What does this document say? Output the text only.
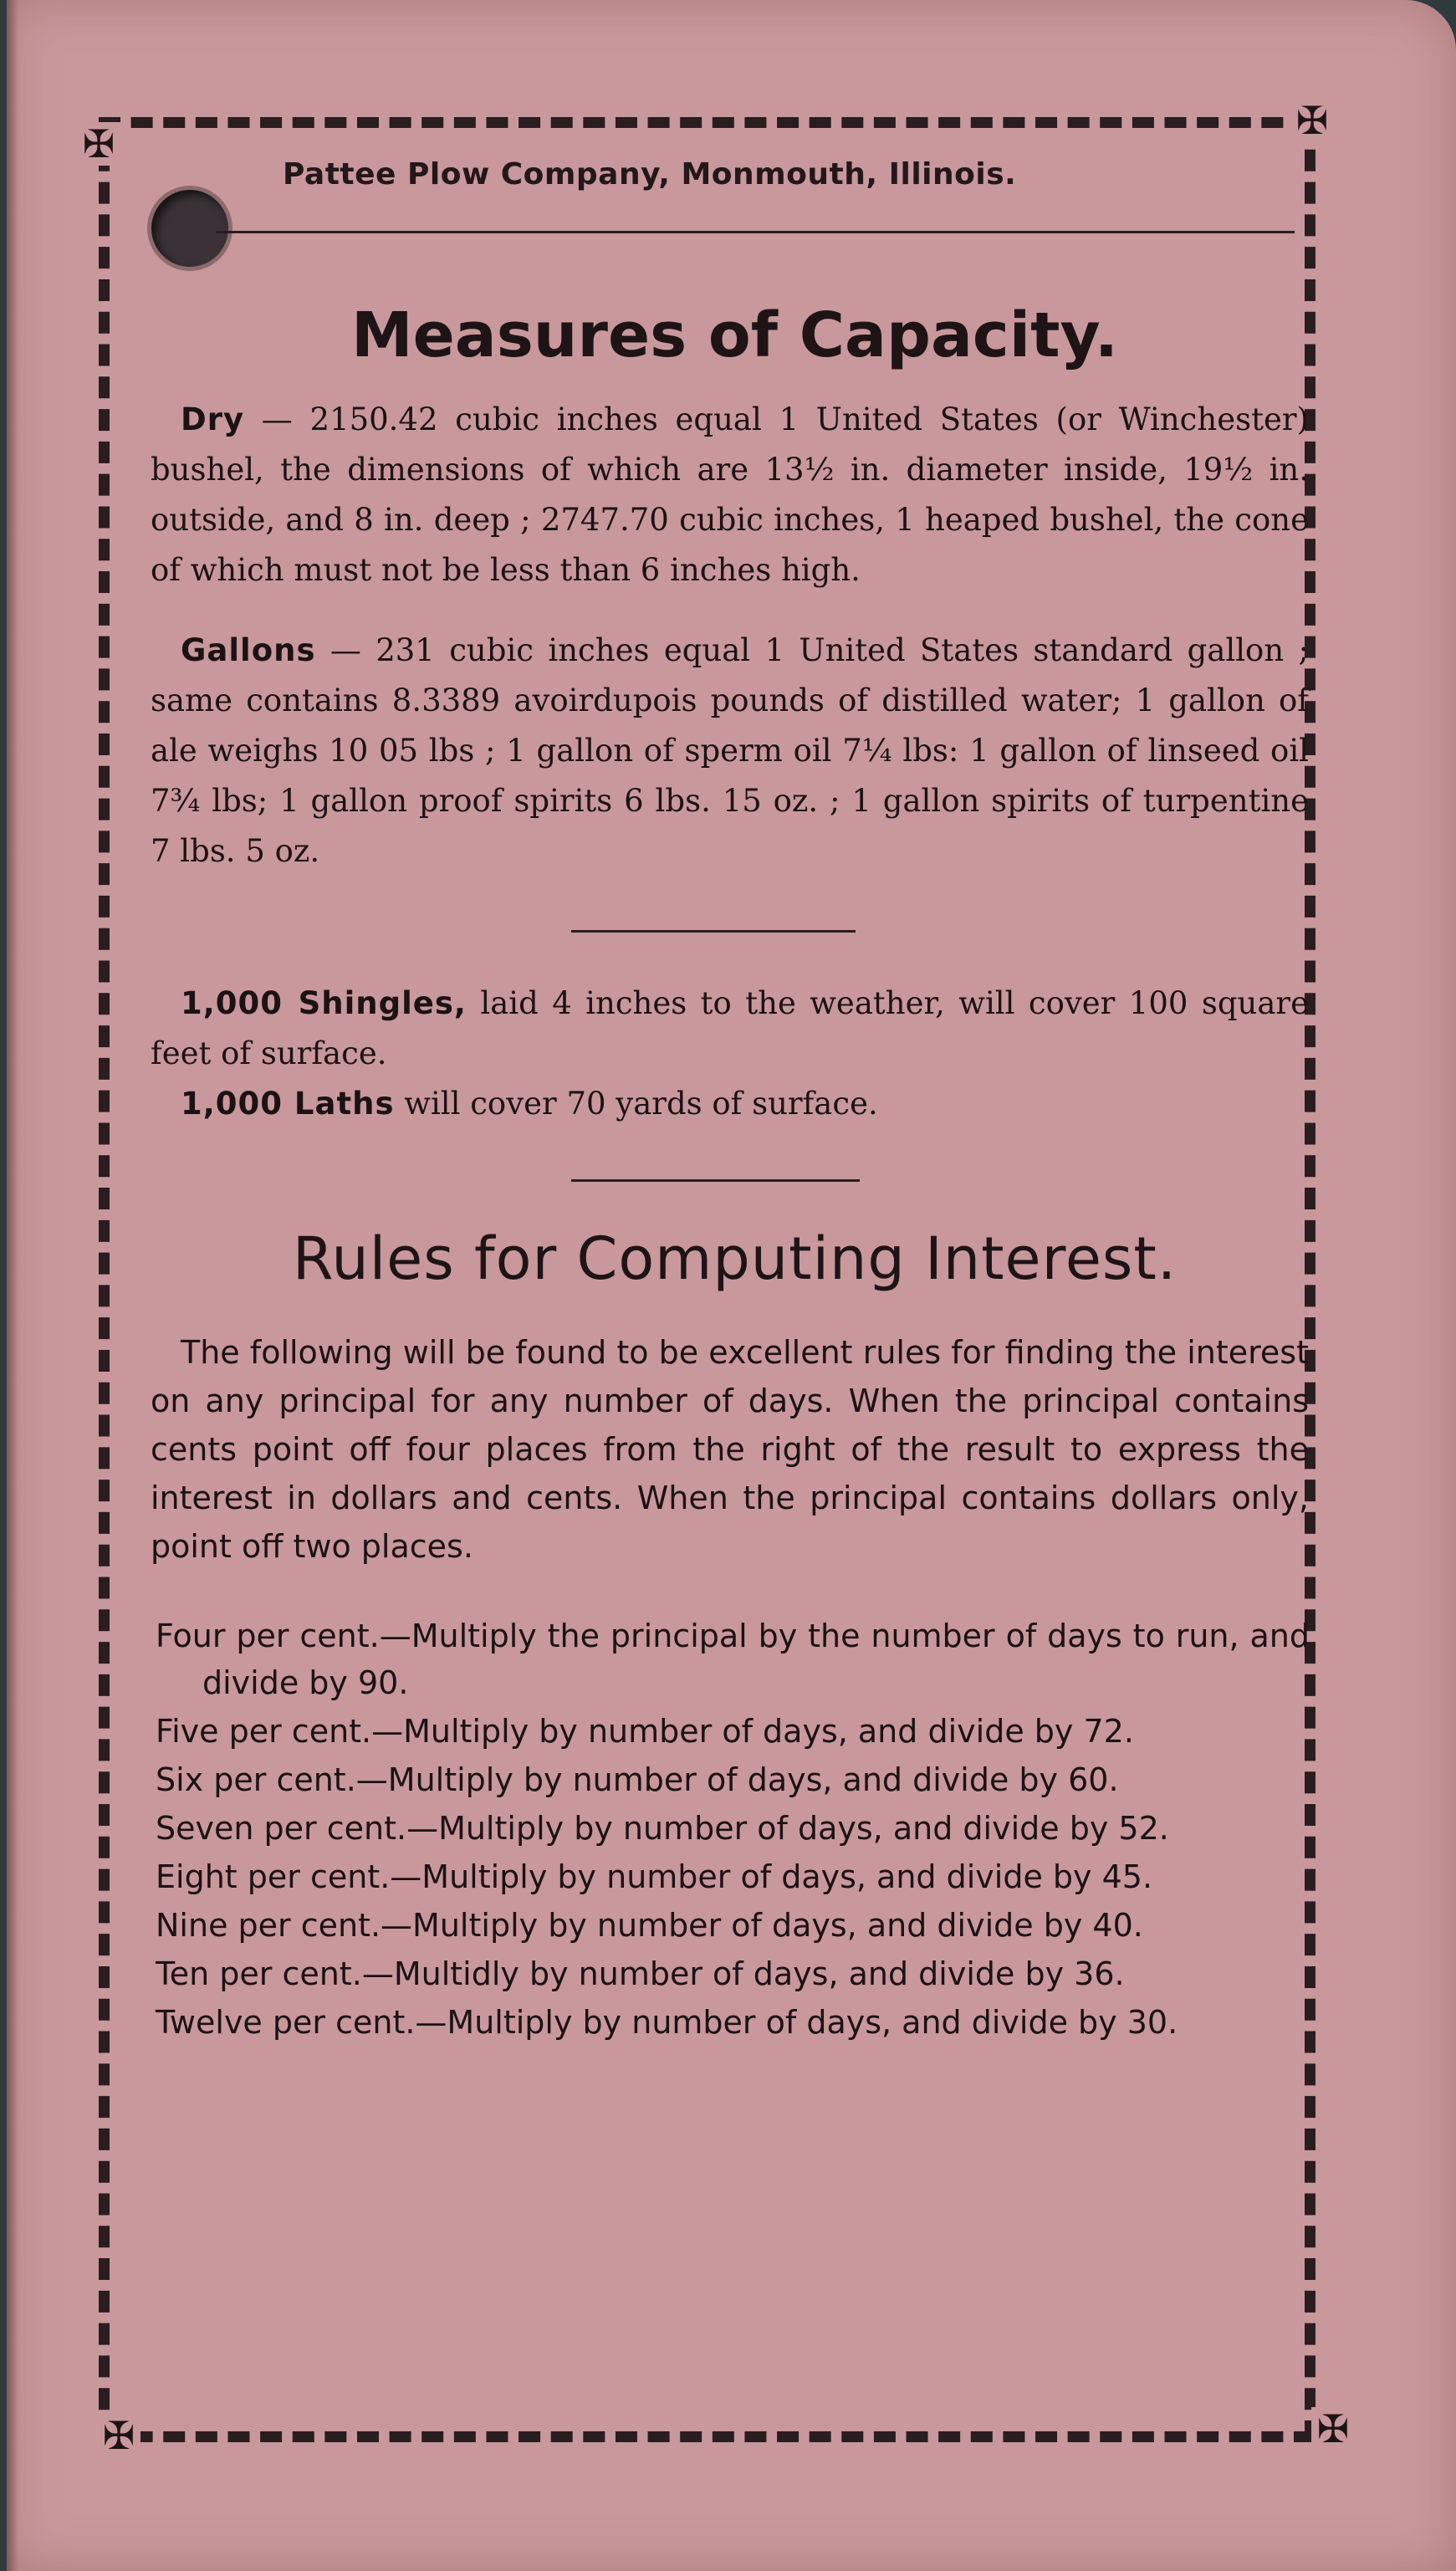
✠
✠
✠	✠
Pattee Plow Company, Monmouth, Illinois.
Measures of Capacity.

Dry — 2150.42 cubic inches equal 1 United States (or Winchester) bushel, the dimensions of which are 13½ in. diameter inside, 19½ in. outside, and 8 in. deep ; 2747.70 cubic inches, 1 heaped bushel, the cone of which must not be less than 6 inches high.

Gallons — 231 cubic inches equal 1 United States standard gallon ; same contains 8.3389 avoirdupois pounds of distilled water; 1 gallon of ale weighs 10 05 lbs ; 1 gallon of sperm oil 7¼ lbs: 1 gallon of linseed oil 7¾ lbs; 1 gallon proof spirits 6 lbs. 15 oz. ; 1 gallon spirits of turpentine 7 lbs. 5 oz.

1,000 Shingles, laid 4 inches to the weather, will cover 100 square feet of surface.

1,000 Laths will cover 70 yards of surface.

Rules for Computing Interest.

The following will be found to be excellent rules for finding the interest on any principal for any number of days. When the principal contains cents point off four places from the right of the result to express the interest in dollars and cents. When the principal contains dollars only, point off two places.

Four per cent.—Multiply the principal by the number of days to run, and divide by 90.
Five per cent.—Multiply by number of days, and divide by 72.
Six per cent.—Multiply by number of days, and divide by 60.
Seven per cent.—Multiply by number of days, and divide by 52.
Eight per cent.—Multiply by number of days, and divide by 45.
Nine per cent.—Multiply by number of days, and divide by 40.
Ten per cent.—Multidly by number of days, and divide by 36.
Twelve per cent.—Multiply by number of days, and divide by 30.
